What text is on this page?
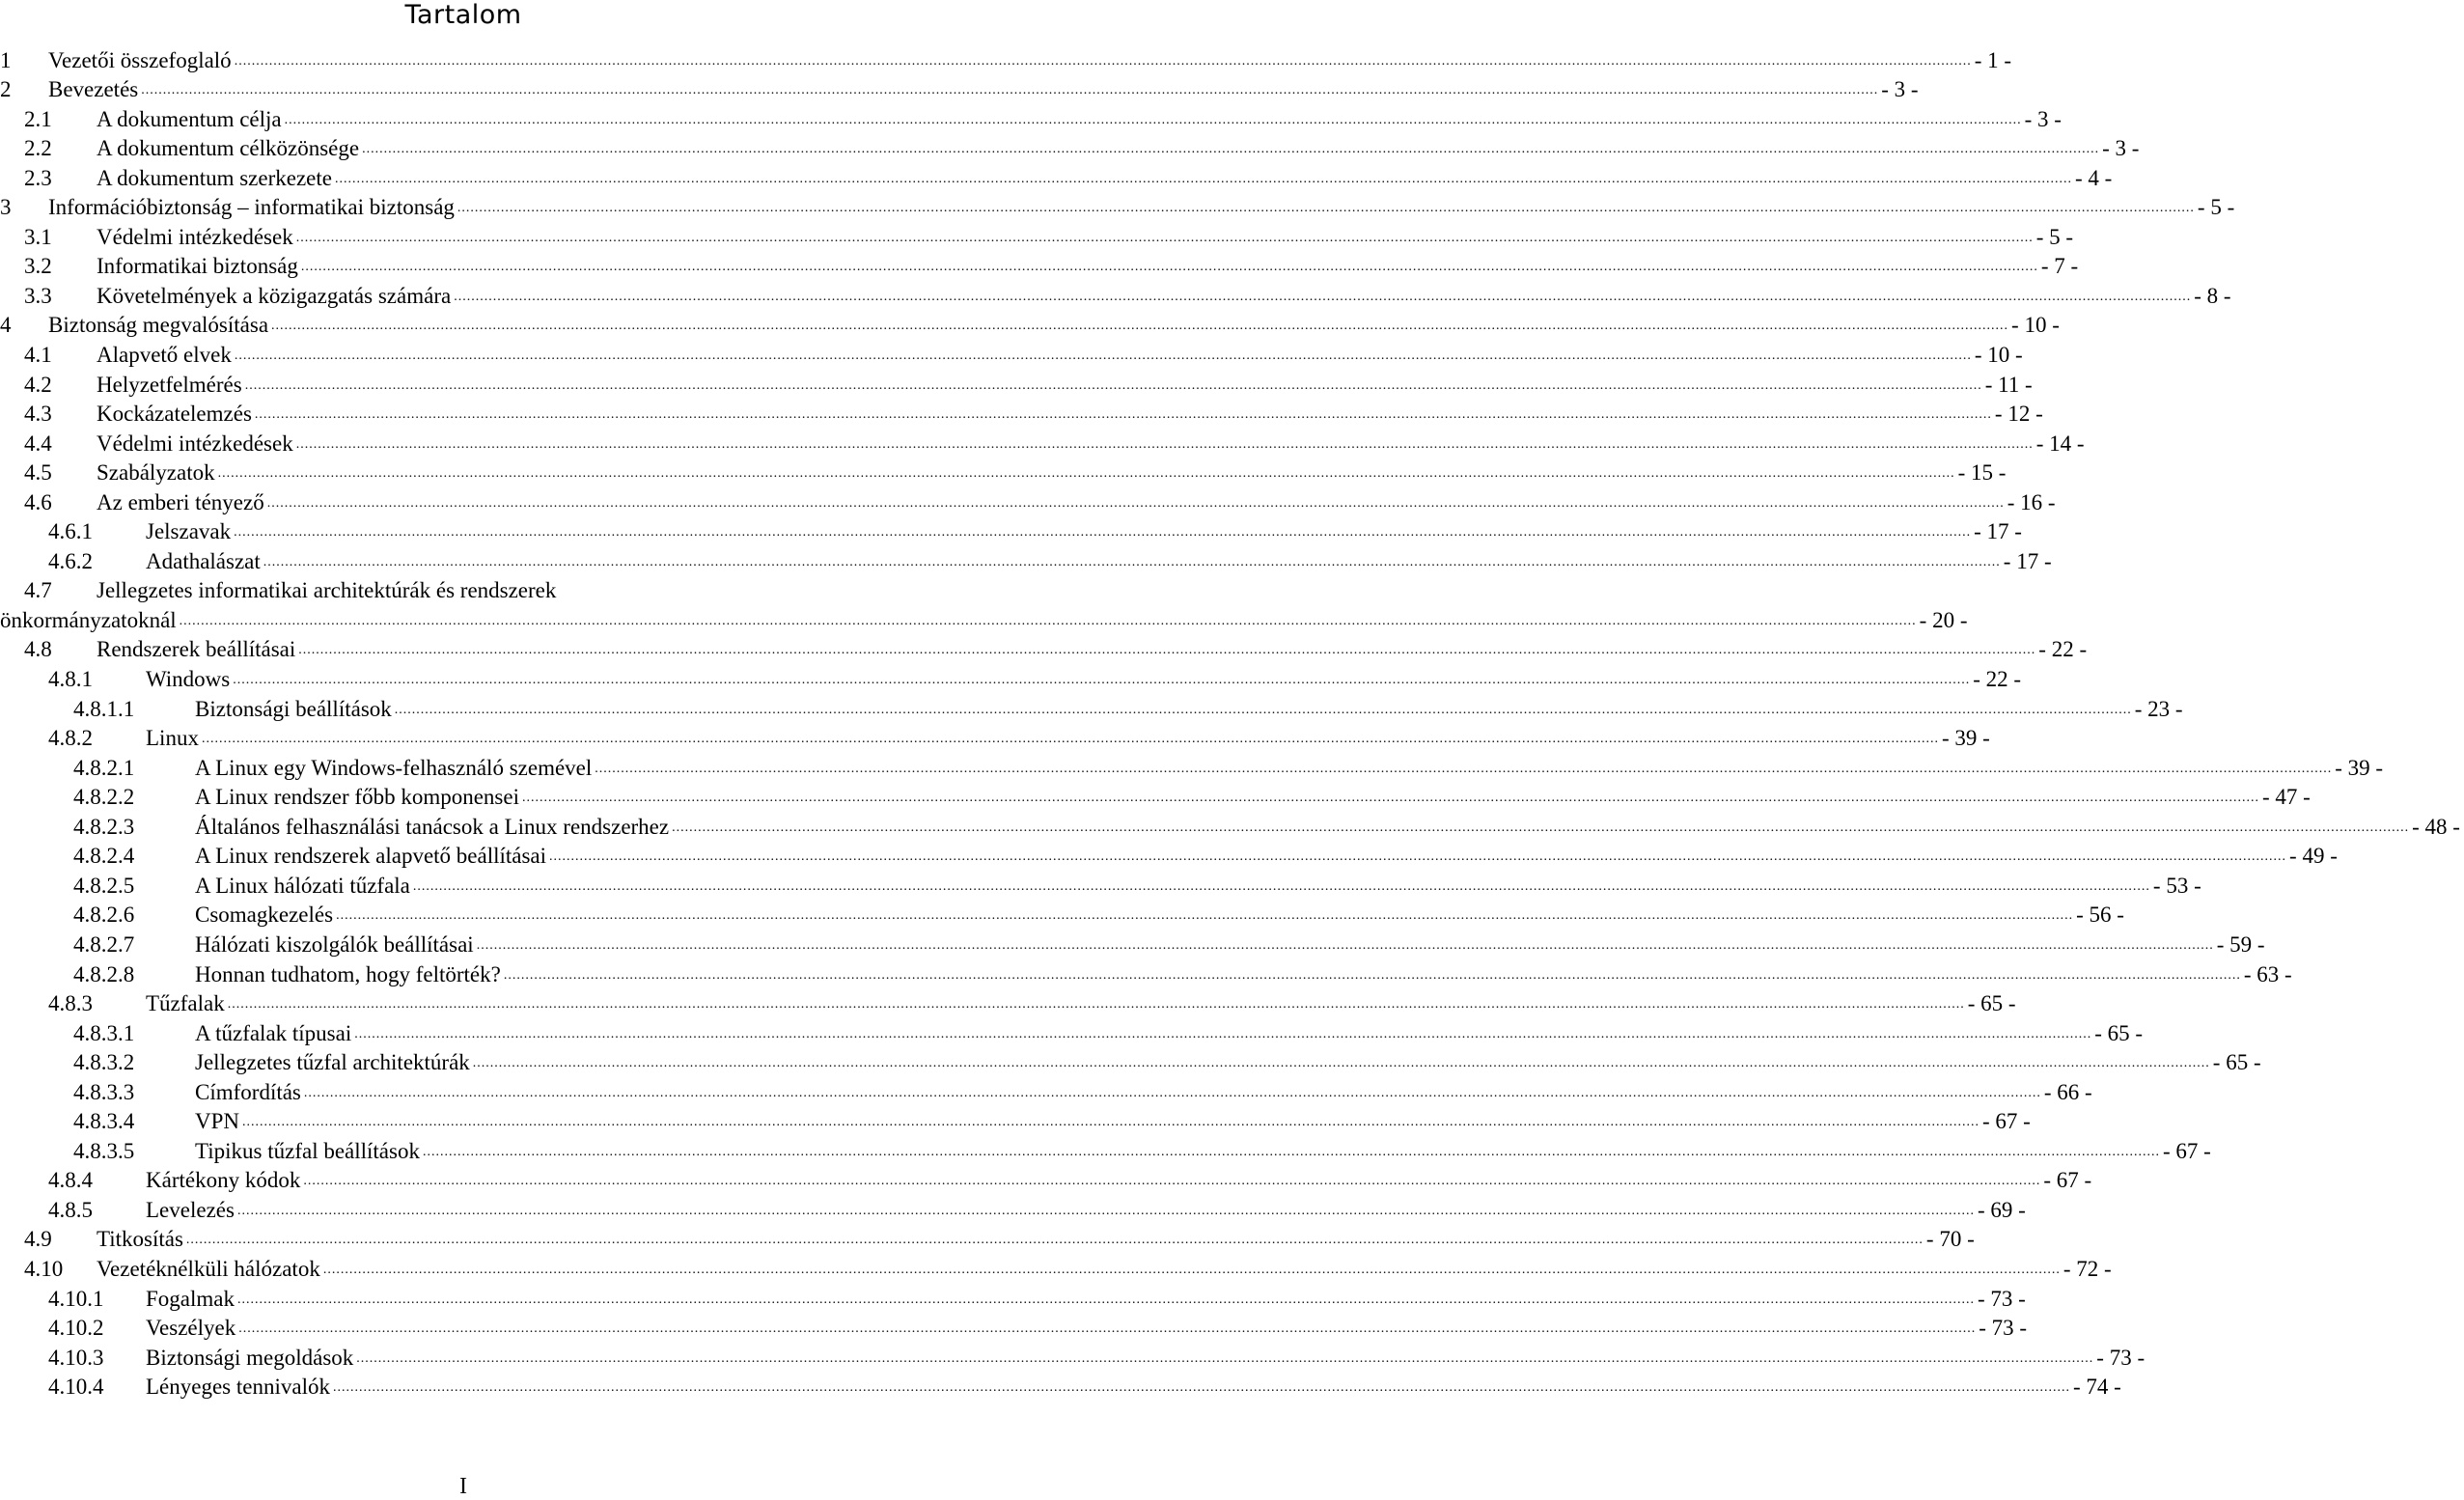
Tartalom
1 Vezetői összefoglaló ................................................................................................................................................................................................................................................................................................................................................................................................................ - 1 -
2 Bevezetés ................................................................................................................................................................................................................................................................................................................................................................................................................ - 3 -
2.1 A dokumentum célja ................................................................................................................................................................................................................................................................................................................................................................................................................ - 3 -
2.2 A dokumentum célközönsége ................................................................................................................................................................................................................................................................................................................................................................................................................ - 3 -
2.3 A dokumentum szerkezete ................................................................................................................................................................................................................................................................................................................................................................................................................ - 4 -
3 Információbiztonság – informatikai biztonság ................................................................................................................................................................................................................................................................................................................................................................................................................ - 5 -
3.1 Védelmi intézkedések ................................................................................................................................................................................................................................................................................................................................................................................................................ - 5 -
3.2 Informatikai biztonság ................................................................................................................................................................................................................................................................................................................................................................................................................ - 7 -
3.3 Követelmények a közigazgatás számára ................................................................................................................................................................................................................................................................................................................................................................................................................ - 8 -
4 Biztonság megvalósítása ................................................................................................................................................................................................................................................................................................................................................................................................................ - 10 -
4.1 Alapvető elvek ................................................................................................................................................................................................................................................................................................................................................................................................................ - 10 -
4.2 Helyzetfelmérés ................................................................................................................................................................................................................................................................................................................................................................................................................ - 11 -
4.3 Kockázatelemzés ................................................................................................................................................................................................................................................................................................................................................................................................................ - 12 -
4.4 Védelmi intézkedések ................................................................................................................................................................................................................................................................................................................................................................................................................ - 14 -
4.5 Szabályzatok ................................................................................................................................................................................................................................................................................................................................................................................................................ - 15 -
4.6 Az emberi tényező ................................................................................................................................................................................................................................................................................................................................................................................................................ - 16 -
4.6.1 Jelszavak ................................................................................................................................................................................................................................................................................................................................................................................................................ - 17 -
4.6.2 Adathalászat ................................................................................................................................................................................................................................................................................................................................................................................................................ - 17 -
4.7 Jellegzetes informatikai architektúrák és rendszerek
önkormányzatoknál ................................................................................................................................................................................................................................................................................................................................................................................................................ - 20 -
4.8 Rendszerek beállításai ................................................................................................................................................................................................................................................................................................................................................................................................................ - 22 -
4.8.1 Windows ................................................................................................................................................................................................................................................................................................................................................................................................................ - 22 -
4.8.1.1	Biztonsági beállítások ................................................................................................................................................................................................................................................................................................................................................................................................................ - 23 -
4.8.2 Linux ................................................................................................................................................................................................................................................................................................................................................................................................................ - 39 -
4.8.2.1	A Linux egy Windows-felhasználó szemével ................................................................................................................................................................................................................................................................................................................................................................................................................ - 39 -
4.8.2.2	A Linux rendszer főbb komponensei ................................................................................................................................................................................................................................................................................................................................................................................................................ - 47 -
4.8.2.3	Általános felhasználási tanácsok a Linux rendszerhez ................................................................................................................................................................................................................................................................................................................................................................................................................ - 48 -
4.8.2.4	A Linux rendszerek alapvető beállításai ................................................................................................................................................................................................................................................................................................................................................................................................................ - 49 -
4.8.2.5	A Linux hálózati tűzfala ................................................................................................................................................................................................................................................................................................................................................................................................................ - 53 -
4.8.2.6	Csomagkezelés ................................................................................................................................................................................................................................................................................................................................................................................................................ - 56 -
4.8.2.7	Hálózati kiszolgálók beállításai ................................................................................................................................................................................................................................................................................................................................................................................................................ - 59 -
4.8.2.8	Honnan tudhatom, hogy feltörték? ................................................................................................................................................................................................................................................................................................................................................................................................................ - 63 -
4.8.3 Tűzfalak ................................................................................................................................................................................................................................................................................................................................................................................................................ - 65 -
4.8.3.1	A tűzfalak típusai ................................................................................................................................................................................................................................................................................................................................................................................................................ - 65 -
4.8.3.2	Jellegzetes tűzfal architektúrák ................................................................................................................................................................................................................................................................................................................................................................................................................ - 65 -
4.8.3.3	Címfordítás ................................................................................................................................................................................................................................................................................................................................................................................................................ - 66 -
4.8.3.4	VPN ................................................................................................................................................................................................................................................................................................................................................................................................................ - 67 -
4.8.3.5	Tipikus tűzfal beállítások ................................................................................................................................................................................................................................................................................................................................................................................................................ - 67 -
4.8.4 Kártékony kódok ................................................................................................................................................................................................................................................................................................................................................................................................................ - 67 -
4.8.5 Levelezés ................................................................................................................................................................................................................................................................................................................................................................................................................ - 69 -
4.9 Titkosítás ................................................................................................................................................................................................................................................................................................................................................................................................................ - 70 -
4.10 Vezetéknélküli hálózatok ................................................................................................................................................................................................................................................................................................................................................................................................................ - 72 -
4.10.1 Fogalmak ................................................................................................................................................................................................................................................................................................................................................................................................................ - 73 -
4.10.2 Veszélyek ................................................................................................................................................................................................................................................................................................................................................................................................................ - 73 -
4.10.3 Biztonsági megoldások ................................................................................................................................................................................................................................................................................................................................................................................................................ - 73 -
4.10.4 Lényeges tennivalók ................................................................................................................................................................................................................................................................................................................................................................................................................ - 74 -
I
